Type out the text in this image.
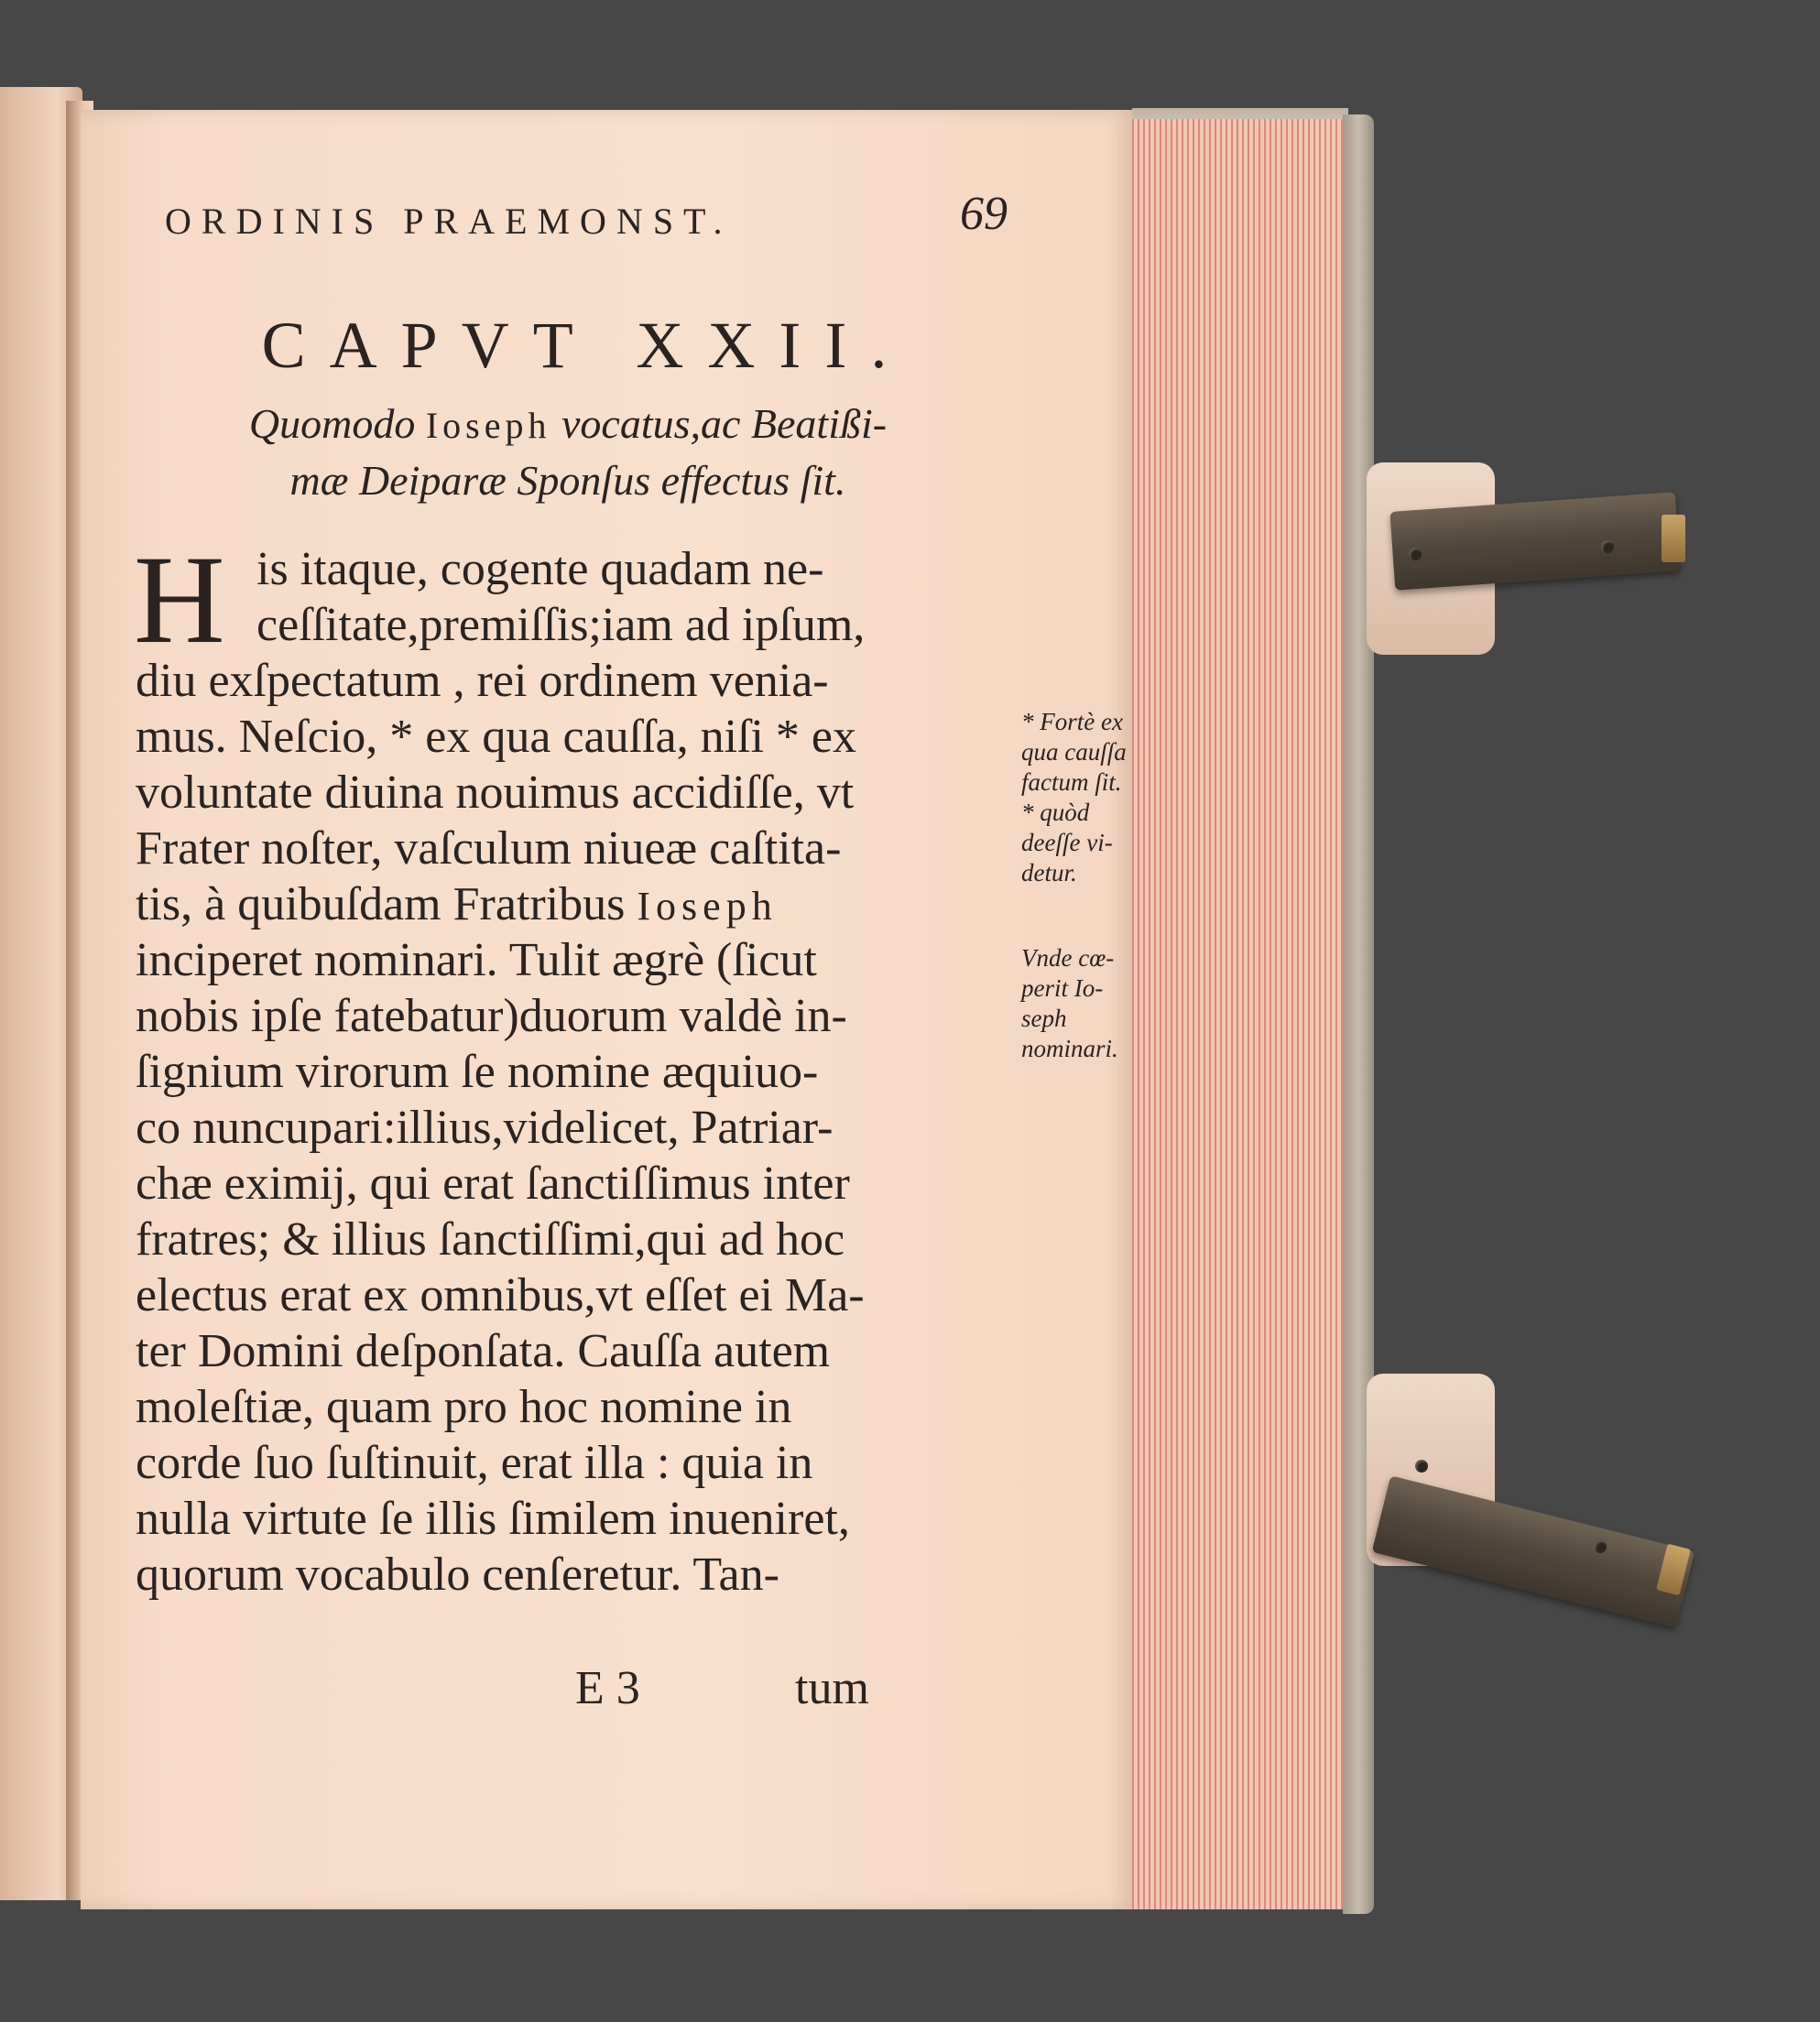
ORDINIS PRAEMONST.	69
CAPVT XXII.
Quomodo Ioseph vocatus,ac Beatißi-
mæ Deiparæ Sponſus effectus ſit.
H is itaque, cogente quadam ne-
ceſſitate,premiſſis;iam ad ipſum,
diu exſpectatum , rei ordinem venia-
mus. Neſcio, * ex qua cauſſa, niſi * ex
voluntate diuina nouimus accidiſſe, vt
Frater noſter, vaſculum niueæ caſtita-
tis, à quibuſdam Fratribus Ioseph
inciperet nominari. Tulit ægrè (ſicut
nobis ipſe fatebatur)duorum valdè in-
ſignium virorum ſe nomine æquiuo-
co nuncupari:illius,videlicet, Patriar-
chæ eximij, qui erat ſanctiſſimus inter
fratres; & illius ſanctiſſimi,qui ad hoc
electus erat ex omnibus,vt eſſet ei Ma-
ter Domini deſponſata. Cauſſa autem
moleſtiæ, quam pro hoc nomine in
corde ſuo ſuſtinuit, erat illa : quia in
nulla virtute ſe illis ſimilem inueniret,
quorum vocabulo cenſeretur. Tan-
E 3	tum
* Fortè ex
qua cauſſa
factum ſit.
* quòd
deeſſe vi-
detur.
Vnde cœ-
perit Io-
seph
nominari.
